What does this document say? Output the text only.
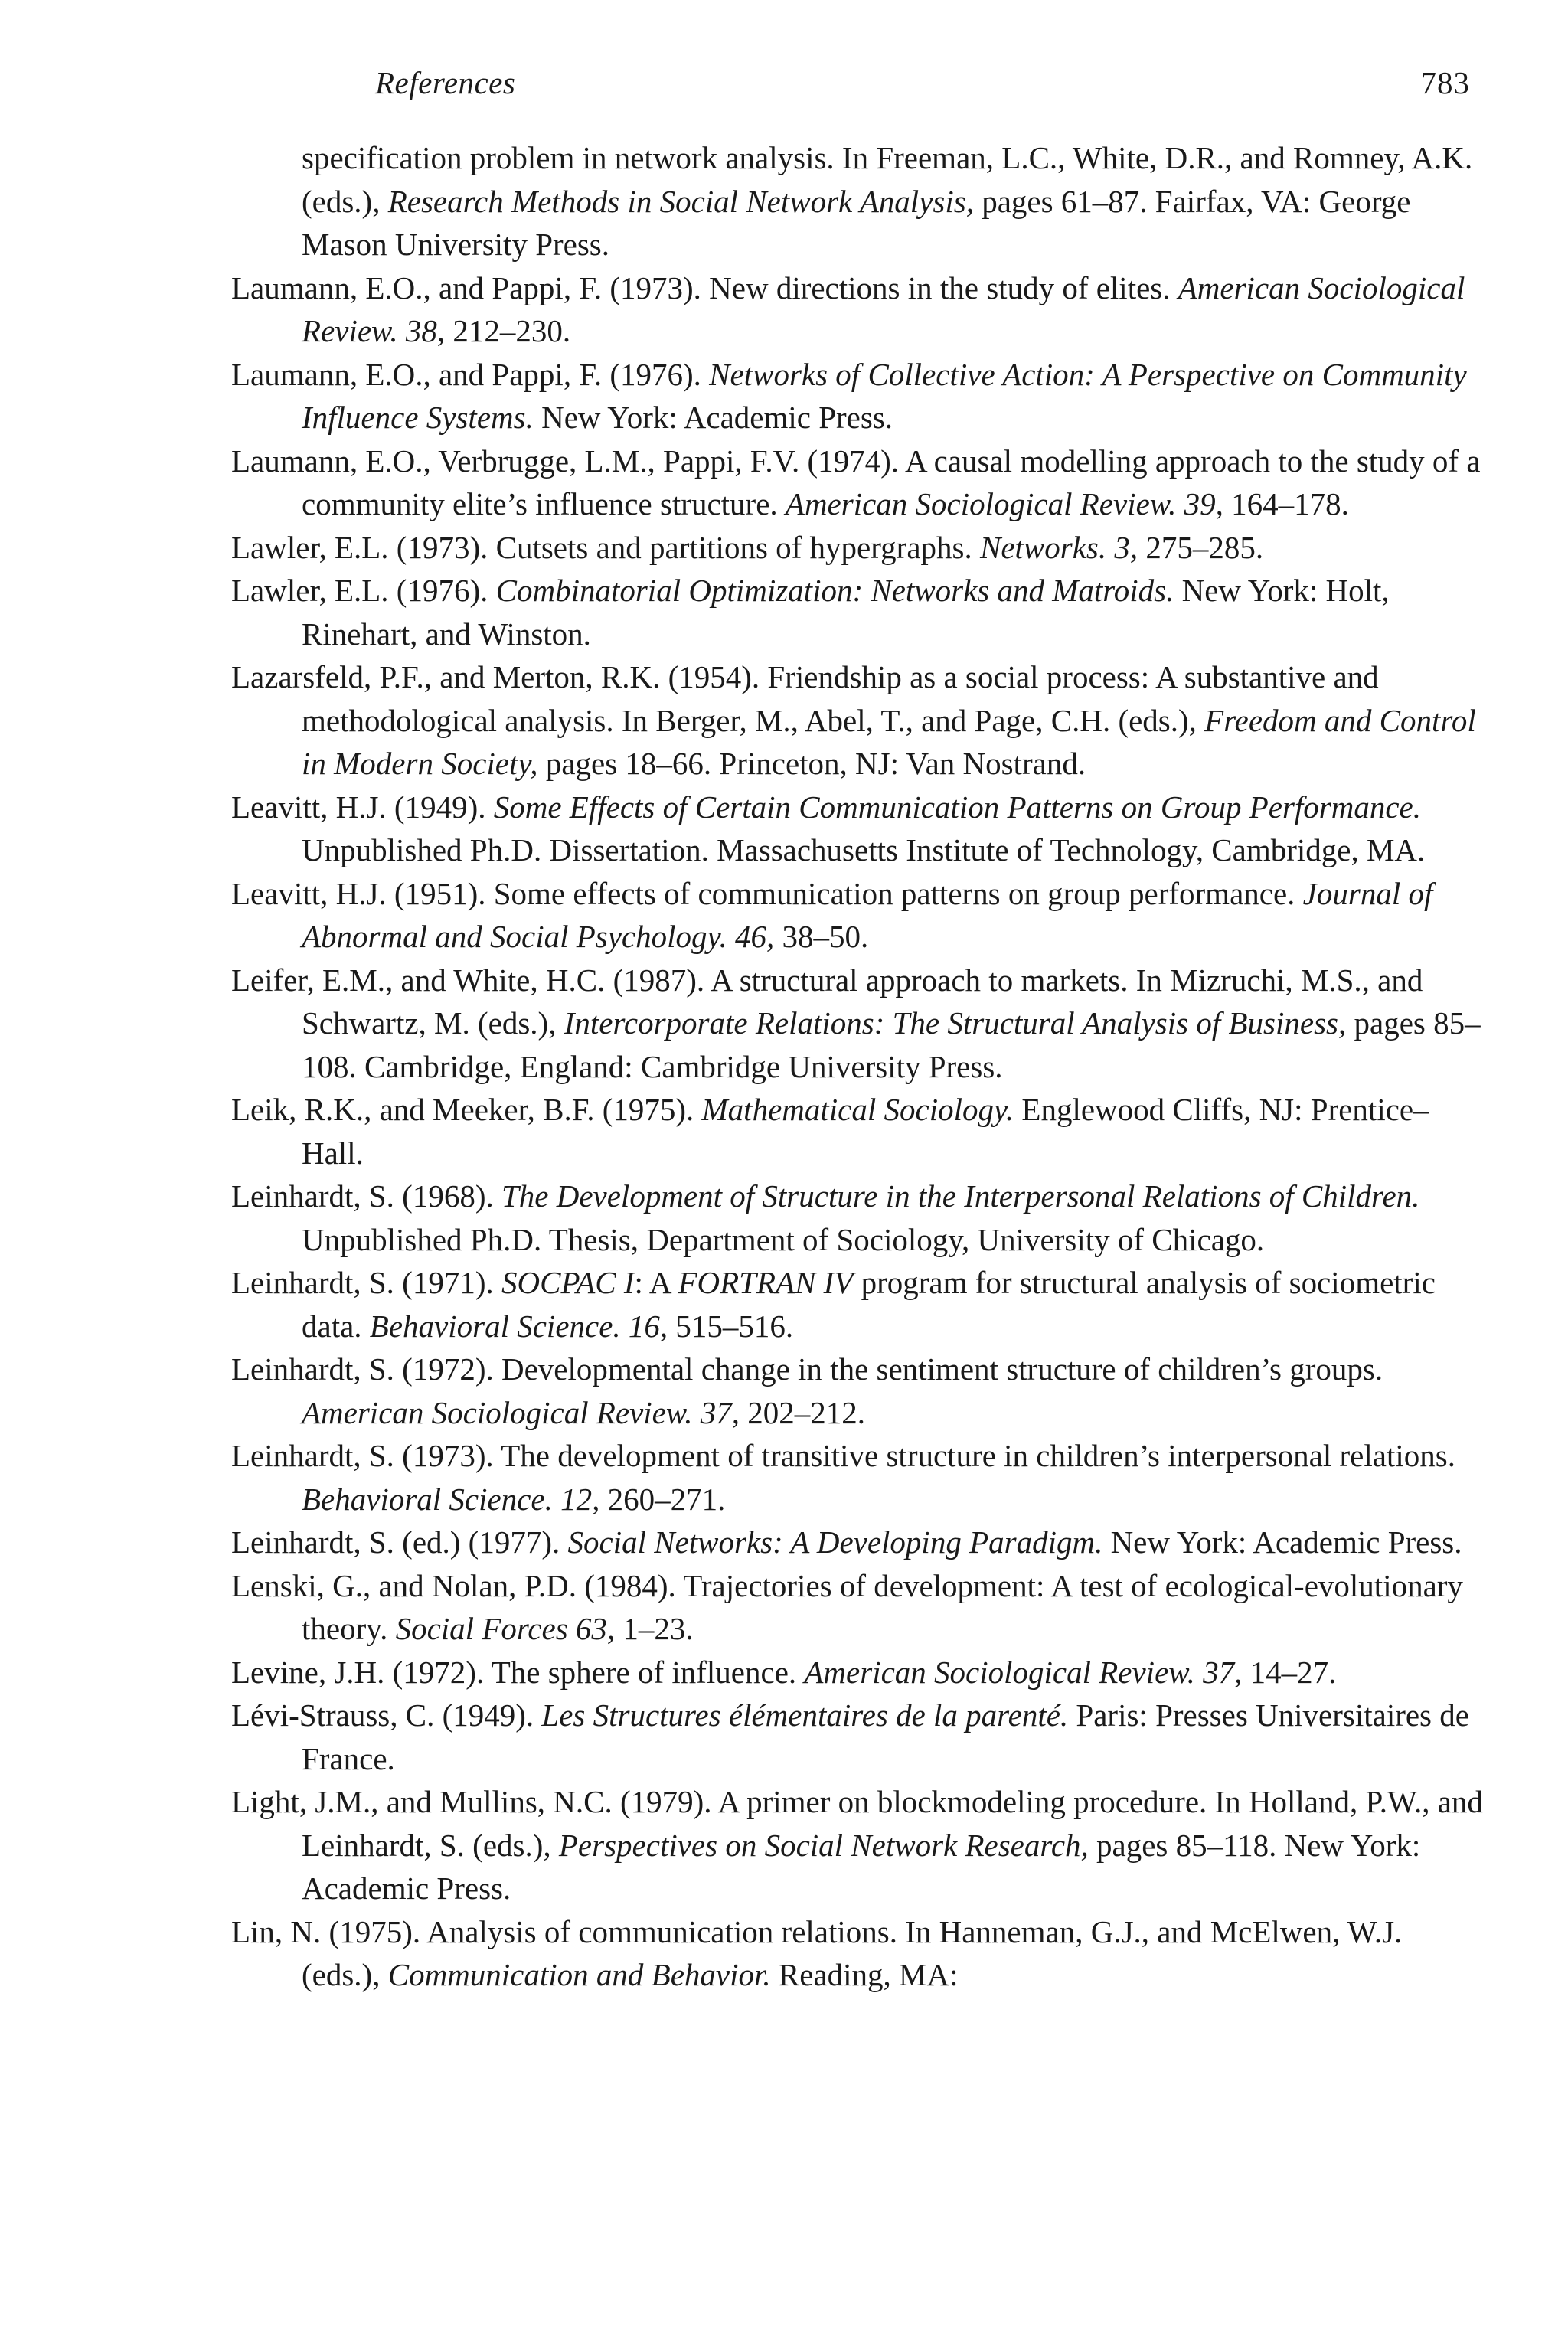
References	783

specification problem in network analysis. In Freeman, L.C., White, D.R., and Romney, A.K. (eds.), Research Methods in Social Network Analysis, pages 61–87. Fairfax, VA: George Mason University Press.

Laumann, E.O., and Pappi, F. (1973). New directions in the study of elites. American Sociological Review. 38, 212–230.

Laumann, E.O., and Pappi, F. (1976). Networks of Collective Action: A Perspective on Community Influence Systems. New York: Academic Press.

Laumann, E.O., Verbrugge, L.M., Pappi, F.V. (1974). A causal modelling approach to the study of a community elite’s influence structure. American Sociological Review. 39, 164–178.

Lawler, E.L. (1973). Cutsets and partitions of hypergraphs. Networks. 3, 275–285.

Lawler, E.L. (1976). Combinatorial Optimization: Networks and Matroids. New York: Holt, Rinehart, and Winston.

Lazarsfeld, P.F., and Merton, R.K. (1954). Friendship as a social process: A substantive and methodological analysis. In Berger, M., Abel, T., and Page, C.H. (eds.), Freedom and Control in Modern Society, pages 18–66. Princeton, NJ: Van Nostrand.

Leavitt, H.J. (1949). Some Effects of Certain Communication Patterns on Group Performance. Unpublished Ph.D. Dissertation. Massachusetts Institute of Technology, Cambridge, MA.

Leavitt, H.J. (1951). Some effects of communication patterns on group performance. Journal of Abnormal and Social Psychology. 46, 38–50.

Leifer, E.M., and White, H.C. (1987). A structural approach to markets. In Mizruchi, M.S., and Schwartz, M. (eds.), Intercorporate Relations: The Structural Analysis of Business, pages 85–108. Cambridge, England: Cambridge University Press.

Leik, R.K., and Meeker, B.F. (1975). Mathematical Sociology. Englewood Cliffs, NJ: Prentice–Hall.

Leinhardt, S. (1968). The Development of Structure in the Interpersonal Relations of Children. Unpublished Ph.D. Thesis, Department of Sociology, University of Chicago.

Leinhardt, S. (1971). SOCPAC I: A FORTRAN IV program for structural analysis of sociometric data. Behavioral Science. 16, 515–516.

Leinhardt, S. (1972). Developmental change in the sentiment structure of children’s groups. American Sociological Review. 37, 202–212.

Leinhardt, S. (1973). The development of transitive structure in children’s interpersonal relations. Behavioral Science. 12, 260–271.

Leinhardt, S. (ed.) (1977). Social Networks: A Developing Paradigm. New York: Academic Press.

Lenski, G., and Nolan, P.D. (1984). Trajectories of development: A test of ecological-evolutionary theory. Social Forces 63, 1–23.

Levine, J.H. (1972). The sphere of influence. American Sociological Review. 37, 14–27.

Lévi-Strauss, C. (1949). Les Structures élémentaires de la parenté. Paris: Presses Universitaires de France.

Light, J.M., and Mullins, N.C. (1979). A primer on blockmodeling procedure. In Holland, P.W., and Leinhardt, S. (eds.), Perspectives on Social Network Research, pages 85–118. New York: Academic Press.

Lin, N. (1975). Analysis of communication relations. In Hanneman, G.J., and McElwen, W.J. (eds.), Communication and Behavior. Reading, MA:
